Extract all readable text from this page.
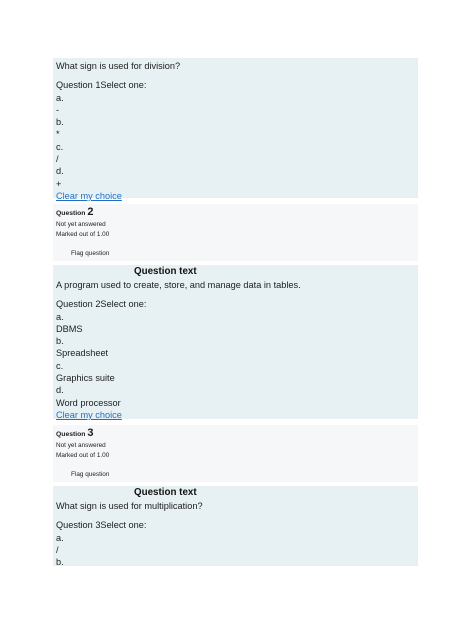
What sign is used for division?
Question 1Select one:
a.
-
b.
*
c.
/
d.
+
Clear my choice
Question 2
Not yet answered
Marked out of 1.00
Flag question
Question text
A program used to create, store, and manage data in tables.
Question 2Select one:
a.
DBMS
b.
Spreadsheet
c.
Graphics suite
d.
Word processor
Clear my choice
Question 3
Not yet answered
Marked out of 1.00
Flag question
Question text
What sign is used for multiplication?
Question 3Select one:
a.
/
b.
